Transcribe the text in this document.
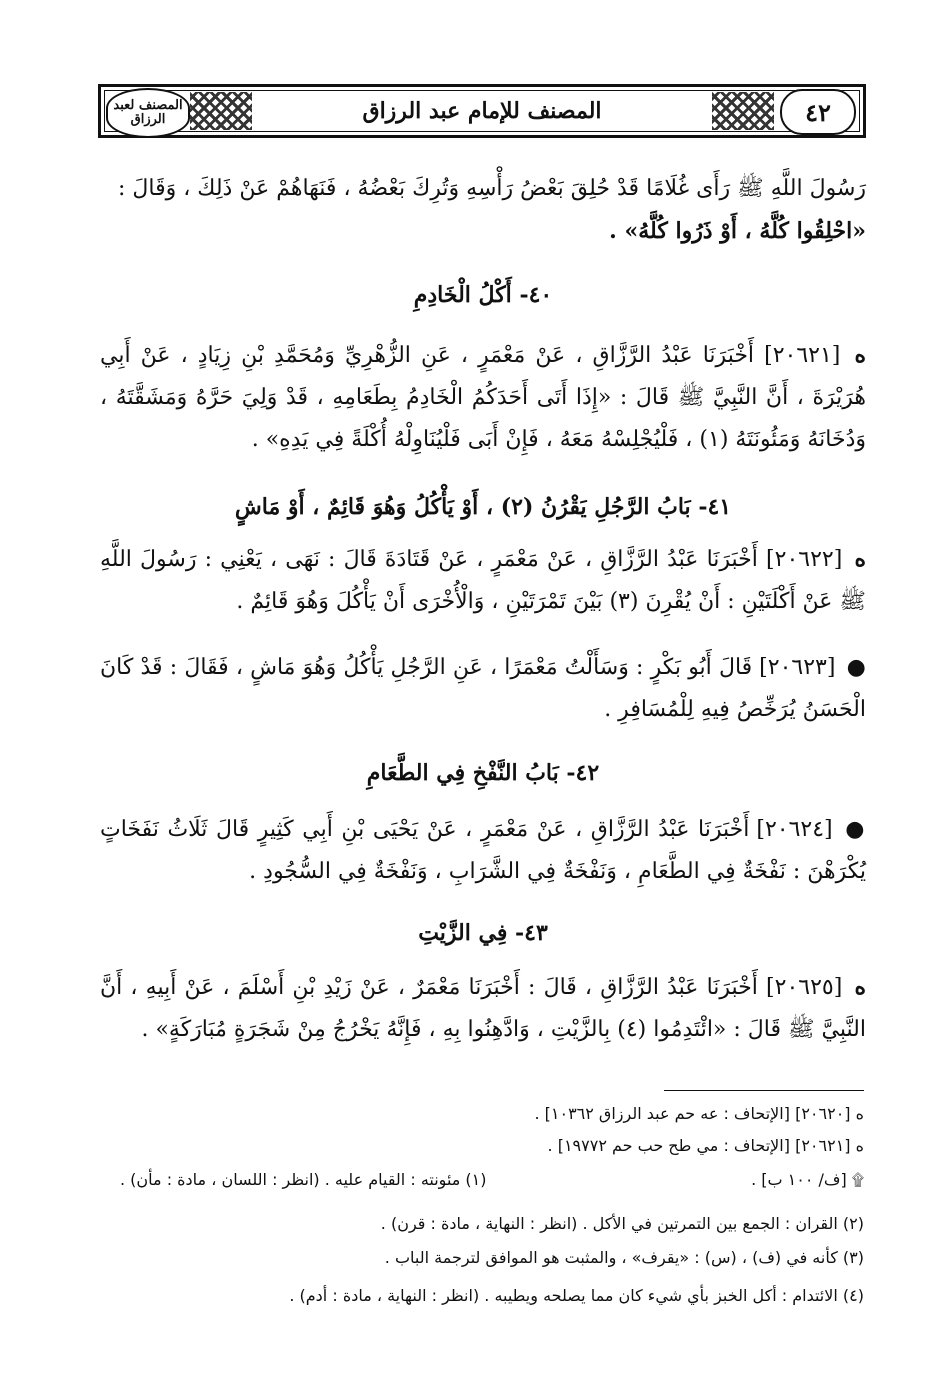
٤٢
المصنف لعبد الرزاق	المصنف للإمام عبد الرزاق

رَسُولَ اللَّهِ ﷺ رَأَى غُلَامًا قَدْ حُلِقَ بَعْضُ رَأْسِهِ وَتُرِكَ بَعْضُهُ ، فَنَهَاهُمْ عَنْ ذَلِكَ ، وَقَالَ :

«احْلِقُوا كُلَّهُ ، أَوْ ذَرُوا كُلَّهُ» .

٤٠- أَكْلُ الْخَادِمِ

ه [٢٠٦٢١] أَخْبَرَنَا عَبْدُ الرَّزَّاقِ ، عَنْ مَعْمَرٍ ، عَنِ الزُّهْرِيِّ وَمُحَمَّدِ بْنِ زِيَادٍ ، عَنْ أَبِي هُرَيْرَةَ ، أَنَّ النَّبِيَّ ﷺ قَالَ : «إِذَا أَتَى أَحَدَكُمُ الْخَادِمُ بِطَعَامِهِ ، قَدْ وَلِيَ حَرَّهُ وَمَشَقَّتَهُ ، وَدُخَانَهُ وَمَئُونَتَهُ (١) ، فَلْيُجْلِسْهُ مَعَهُ ، فَإِنْ أَبَى فَلْيُنَاوِلْهُ أُكْلَةً فِي يَدِهِ» .

٤١- بَابُ الرَّجُلِ يَقْرُنُ (٢) ، أَوْ يَأْكُلُ وَهُوَ قَائِمٌ ، أَوْ مَاشٍ

ه [٢٠٦٢٢] أَخْبَرَنَا عَبْدُ الرَّزَّاقِ ، عَنْ مَعْمَرٍ ، عَنْ قَتَادَةَ قَالَ : نَهَى ، يَعْنِي : رَسُولَ اللَّهِ ﷺ عَنْ أَكْلَتَيْنِ : أَنْ يُقْرِنَ (٣) بَيْنَ تَمْرَتَيْنِ ، وَالْأُخْرَى أَنْ يَأْكُلَ وَهُوَ قَائِمٌ .

● [٢٠٦٢٣] قَالَ أَبُو بَكْرٍ : وَسَأَلْتُ مَعْمَرًا ، عَنِ الرَّجُلِ يَأْكُلُ وَهُوَ مَاشٍ ، فَقَالَ : قَدْ كَانَ الْحَسَنُ يُرَخِّصُ فِيهِ لِلْمُسَافِرِ .

٤٢- بَابُ النَّفْخِ فِي الطَّعَامِ

● [٢٠٦٢٤] أَخْبَرَنَا عَبْدُ الرَّزَّاقِ ، عَنْ مَعْمَرٍ ، عَنْ يَحْيَى بْنِ أَبِي كَثِيرٍ قَالَ ثَلَاثُ نَفَخَاتٍ يُكْرَهْنَ : نَفْخَةٌ فِي الطَّعَامِ ، وَنَفْخَةٌ فِي الشَّرَابِ ، وَنَفْخَةٌ فِي السُّجُودِ .

٤٣- فِي الزَّيْتِ

ه [٢٠٦٢٥] أَخْبَرَنَا عَبْدُ الرَّزَّاقِ ، قَالَ : أَخْبَرَنَا مَعْمَرٌ ، عَنْ زَيْدِ بْنِ أَسْلَمَ ، عَنْ أَبِيهِ ، أَنَّ النَّبِيَّ ﷺ قَالَ : «ائْتَدِمُوا (٤) بِالزَّيْتِ ، وَادَّهِنُوا بِهِ ، فَإِنَّهُ يَخْرُجُ مِنْ شَجَرَةٍ مُبَارَكَةٍ» .

ه [٢٠٦٢٠] [الإتحاف : عه حم عبد الرزاق ١٠٣٦٢] .
ه [٢٠٦٢١] [الإتحاف : مي طح حب حم ١٩٧٧٢] .
۩ [ف/ ١٠٠ ب] .
(١) مئونته : القيام عليه . (انظر : اللسان ، مادة : مأن) .
(٢) القران : الجمع بين التمرتين في الأكل . (انظر : النهاية ، مادة : قرن) .
(٣) كأنه في (ف) ، (س) : «يقرف» ، والمثبت هو الموافق لترجمة الباب .
(٤) الائتدام : أكل الخبز بأي شيء كان مما يصلحه ويطيبه . (انظر : النهاية ، مادة : أدم) .
